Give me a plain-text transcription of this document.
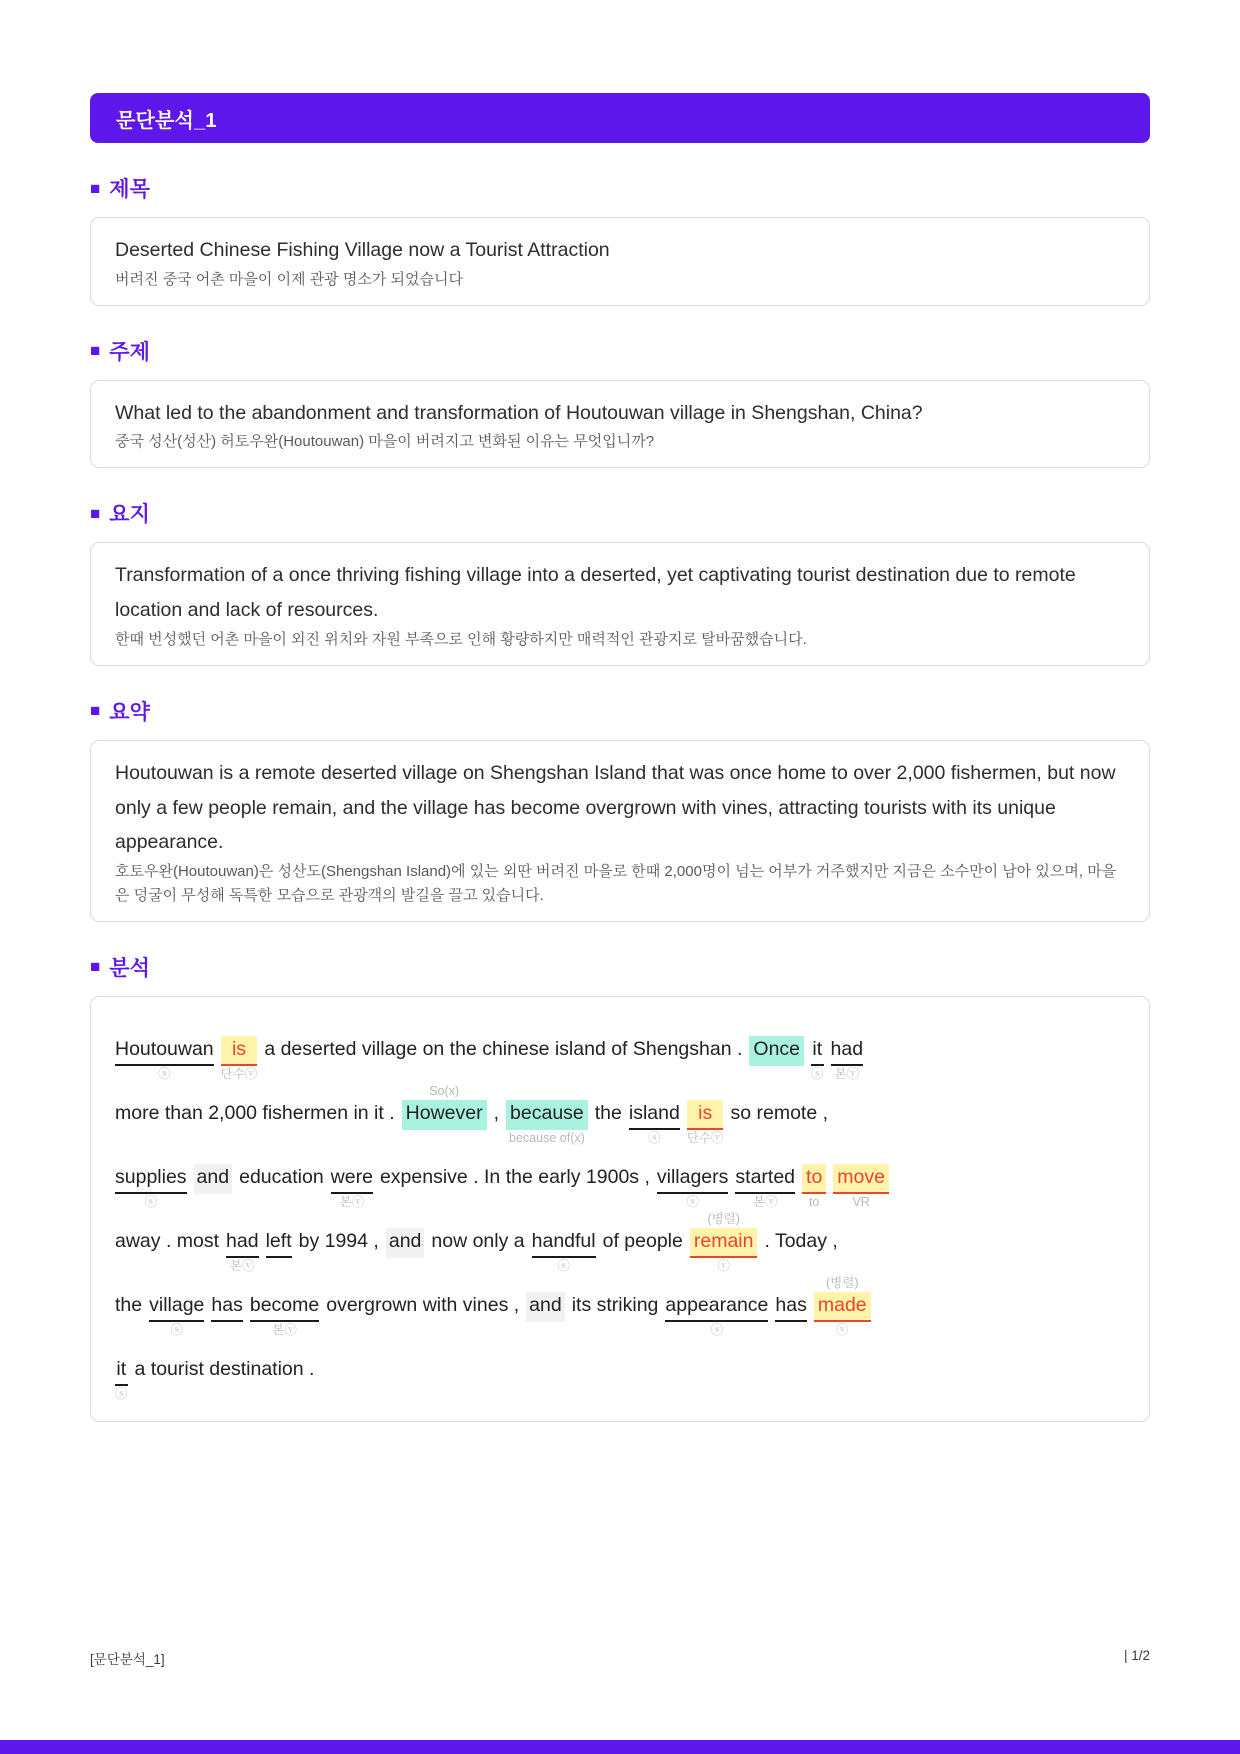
문단분석_1
■ 제목

Deserted Chinese Fishing Village now a Tourist Attraction

버려진 중국 어촌 마을이 이제 관광 명소가 되었습니다

■ 주제

What led to the abandonment and transformation of Houtouwan village in Shengshan, China?

중국 성산(성산) 허토우완(Houtouwan) 마을이 버려지고 변화된 이유는 무엇입니까?

■ 요지

Transformation of a once thriving fishing village into a deserted, yet captivating tourist destination due to remote location and lack of resources.

한때 번성했던 어촌 마을이 외진 위치와 자원 부족으로 인해 황량하지만 매력적인 관광지로 탈바꿈했습니다.

■ 요약

Houtouwan is a remote deserted village on Shengshan Island that was once home to over 2,000 fishermen, but now only a few people remain, and the village has become overgrown with vines, attracting tourists with its unique appearance.

호토우완(Houtouwan)은 성산도(Shengshan Island)에 있는 외딴 버려진 마을로 한때 2,000명이 넘는 어부가 거주했지만 지금은 소수만이 남아 있으며, 마을은 덩굴이 무성해 독특한 모습으로 관광객의 발길을 끌고 있습니다.

■ 분석

Houtouwan
ⓢ

is
단수ⓥ

a deserted village on the chinese island of Shengshan .

Once

it
ⓢ

had
본ⓥ

more than 2,000 fishermen in it .

So(x)
However

,

because
because of(x)

the

island
ⓢ

is
단수ⓥ

so remote ,

supplies
ⓢ

and

education

were
본ⓥ

expensive . In the early 1900s ,

villagers
ⓢ

started
본ⓥ

to
to

move
VR

away . most

had
본ⓥ

left

by 1994 ,

and

now only a

handful
ⓢ

of people

(병렬)
remain
ⓥ

. Today ,

the

village
ⓢ

has

become
본ⓥ

overgrown with vines ,

and

its striking

appearance
ⓢ

has

(병렬)
made
ⓥ

it
ⓢ

a tourist destination .

[문단분석_1]	| 1/2
